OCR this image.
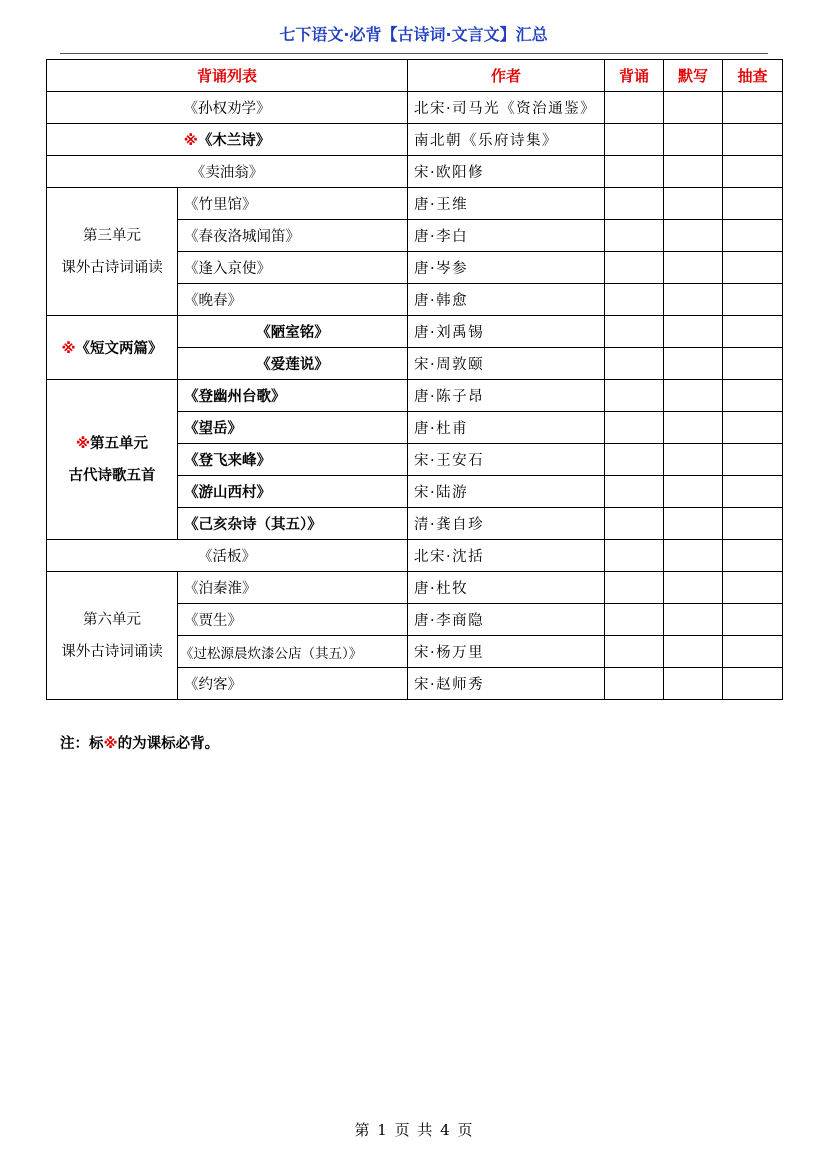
七下语文·必背【古诗词·文言文】汇总
背诵列表		作者	背诵	默写	抽查
《孙权劝学》		北宋·司马光《资治通鉴》			
※《木兰诗》		南北朝《乐府诗集》			
《卖油翁》		宋·欧阳修			

第三单元
课外古诗词诵读	《竹里馆》	唐·王维			
	《春夜洛城闻笛》	唐·李白			
	《逢入京使》	唐·岑参			
	《晚春》	唐·韩愈			
※《短文两篇》	《陋室铭》	唐·刘禹锡			
	《爱莲说》	宋·周敦颐			

※第五单元
古代诗歌五首	《登幽州台歌》	唐·陈子昂			
	《望岳》	唐·杜甫			
	《登飞来峰》	宋·王安石			
	《游山西村》	宋·陆游			
	《己亥杂诗（其五）》	清·龚自珍			
《活板》		北宋·沈括			

第六单元
课外古诗词诵读	《泊秦淮》	唐·杜牧			
	《贾生》	唐·李商隐			
	《过松源晨炊漆公店（其五）》	宋·杨万里			
	《约客》	宋·赵师秀			
注：标※的为课标必背。
第 1 页 共 4 页
